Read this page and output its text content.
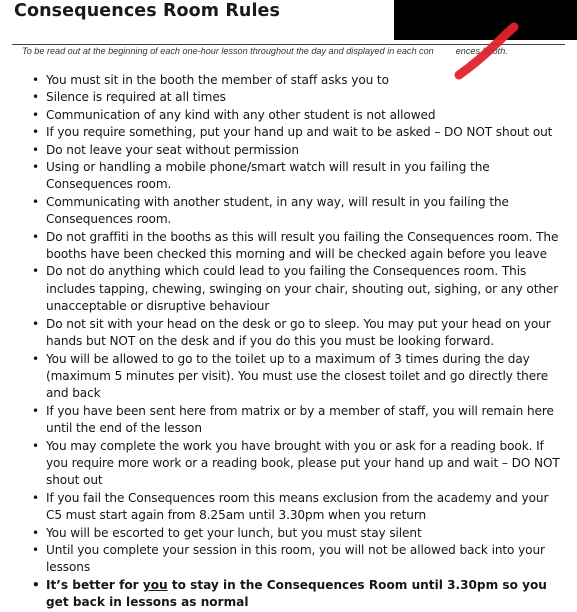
Consequences Room Rules
To be read out at the beginning of each one-hour lesson throughout the day and displayed in each con ences booth.
• You must sit in the booth the member of staff asks you to
• Silence is required at all times
• Communication of any kind with any other student is not allowed
• If you require something, put your hand up and wait to be asked – DO NOT shout out
• Do not leave your seat without permission
• Using or handling a mobile phone/smart watch will result in you failing the Consequences room.
• Communicating with another student, in any way, will result in you failing the Consequences room.
• Do not graffiti in the booths as this will result you failing the Consequences room. The booths have been checked this morning and will be checked again before you leave
• Do not do anything which could lead to you failing the Consequences room. This includes tapping, chewing, swinging on your chair, shouting out, sighing, or any other unacceptable or disruptive behaviour
• Do not sit with your head on the desk or go to sleep. You may put your head on your hands but NOT on the desk and if you do this you must be looking forward.
• You will be allowed to go to the toilet up to a maximum of 3 times during the day (maximum 5 minutes per visit). You must use the closest toilet and go directly there and back
• If you have been sent here from matrix or by a member of staff, you will remain here until the end of the lesson
• You may complete the work you have brought with you or ask for a reading book. If you require more work or a reading book, please put your hand up and wait – DO NOT shout out
• If you fail the Consequences room this means exclusion from the academy and your C5 must start again from 8.25am until 3.30pm when you return
• You will be escorted to get your lunch, but you must stay silent
• Until you complete your session in this room, you will not be allowed back into your lessons
• It’s better for you to stay in the Consequences Room until 3.30pm so you get back in lessons as normal
